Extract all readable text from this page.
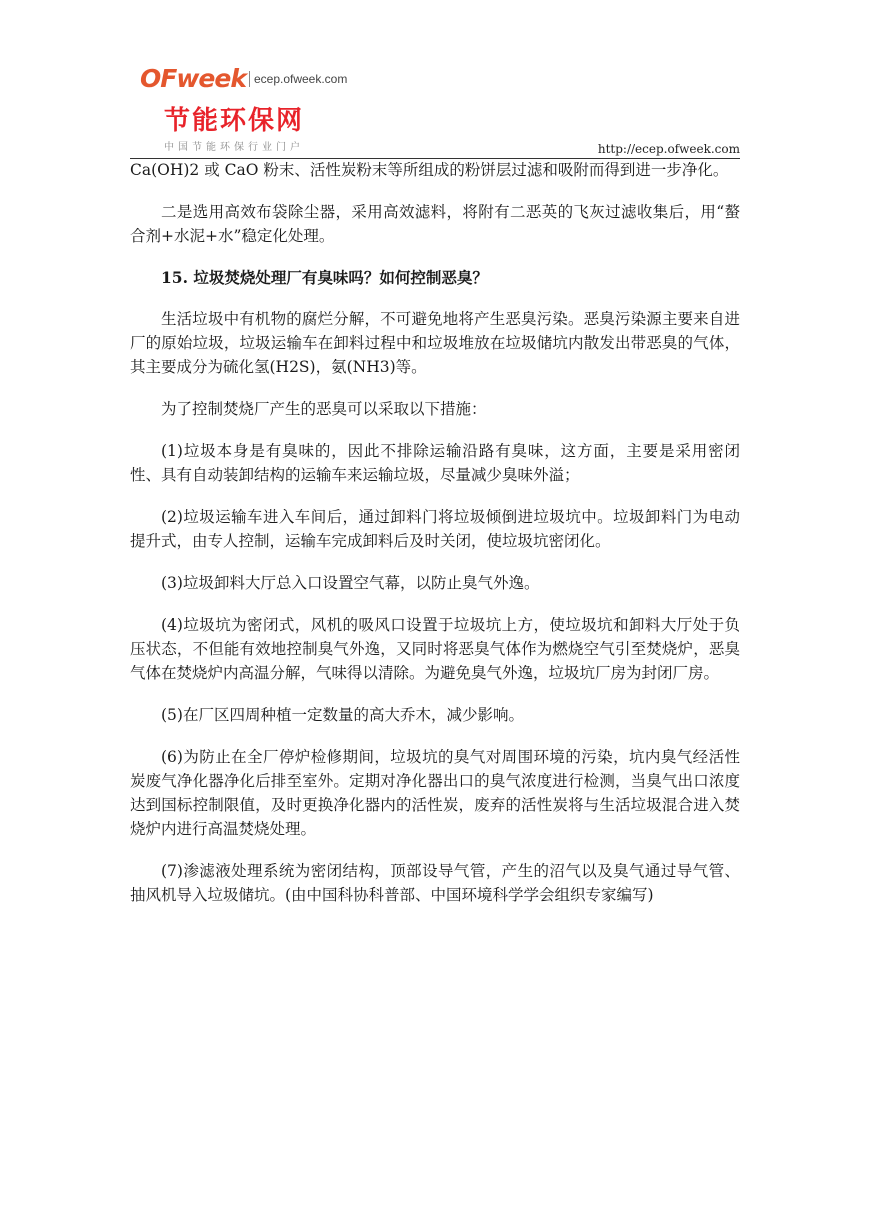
OFweek ecep.ofweek.com
节能环保网
中国节能环保行业门户	http://ecep.ofweek.com

Ca(OH)2 或 CaO 粉末、活性炭粉末等所组成的粉饼层过滤和吸附而得到进一步净化。

二是选用高效布袋除尘器，采用高效滤料，将附有二恶英的飞灰过滤收集后，用“螯合剂+水泥+水”稳定化处理。

15. 垃圾焚烧处理厂有臭味吗？如何控制恶臭？

生活垃圾中有机物的腐烂分解，不可避免地将产生恶臭污染。恶臭污染源主要来自进厂的原始垃圾，垃圾运输车在卸料过程中和垃圾堆放在垃圾储坑内散发出带恶臭的气体，其主要成分为硫化氢(H2S)，氨(NH3)等。

为了控制焚烧厂产生的恶臭可以采取以下措施：

(1)垃圾本身是有臭味的，因此不排除运输沿路有臭味，这方面，主要是采用密闭性、具有自动装卸结构的运输车来运输垃圾，尽量减少臭味外溢；

(2)垃圾运输车进入车间后，通过卸料门将垃圾倾倒进垃圾坑中。垃圾卸料门为电动提升式，由专人控制，运输车完成卸料后及时关闭，使垃圾坑密闭化。

(3)垃圾卸料大厅总入口设置空气幕，以防止臭气外逸。

(4)垃圾坑为密闭式，风机的吸风口设置于垃圾坑上方，使垃圾坑和卸料大厅处于负压状态，不但能有效地控制臭气外逸，又同时将恶臭气体作为燃烧空气引至焚烧炉，恶臭气体在焚烧炉内高温分解，气味得以清除。为避免臭气外逸，垃圾坑厂房为封闭厂房。

(5)在厂区四周种植一定数量的高大乔木，减少影响。

(6)为防止在全厂停炉检修期间，垃圾坑的臭气对周围环境的污染，坑内臭气经活性炭废气净化器净化后排至室外。定期对净化器出口的臭气浓度进行检测，当臭气出口浓度达到国标控制限值，及时更换净化器内的活性炭，废弃的活性炭将与生活垃圾混合进入焚烧炉内进行高温焚烧处理。

(7)渗滤液处理系统为密闭结构，顶部设导气管，产生的沼气以及臭气通过导气管、抽风机导入垃圾储坑。(由中国科协科普部、中国环境科学学会组织专家编写)
